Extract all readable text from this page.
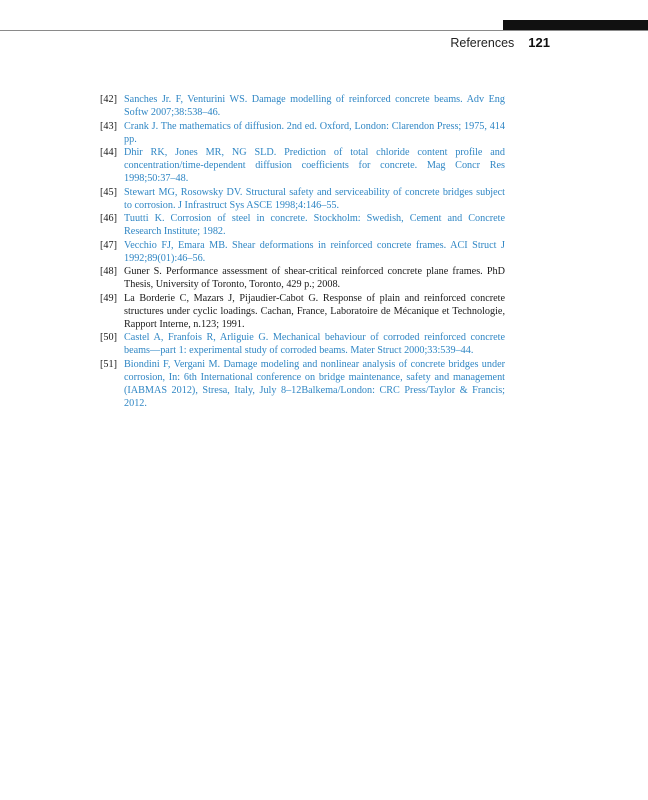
References 121
[42] Sanches Jr. F, Venturini WS. Damage modelling of reinforced concrete beams. Adv Eng Softw 2007;38:538–46.
[43] Crank J. The mathematics of diffusion. 2nd ed. Oxford, London: Clarendon Press; 1975, 414 pp.
[44] Dhir RK, Jones MR, NG SLD. Prediction of total chloride content profile and concentration/time-dependent diffusion coefficients for concrete. Mag Concr Res 1998;50:37–48.
[45] Stewart MG, Rosowsky DV. Structural safety and serviceability of concrete bridges subject to corrosion. J Infrastruct Sys ASCE 1998;4:146–55.
[46] Tuutti K. Corrosion of steel in concrete. Stockholm: Swedish, Cement and Concrete Research Institute; 1982.
[47] Vecchio FJ, Emara MB. Shear deformations in reinforced concrete frames. ACI Struct J 1992;89(01):46–56.
[48] Guner S. Performance assessment of shear-critical reinforced concrete plane frames. PhD Thesis, University of Toronto, Toronto, 429 p.; 2008.
[49] La Borderie C, Mazars J, Pijaudier-Cabot G. Response of plain and reinforced concrete structures under cyclic loadings. Cachan, France, Laboratoire de Mécanique et Technologie, Rapport Interne, n.123; 1991.
[50] Castel A, Franfois R, Arliguie G. Mechanical behaviour of corroded reinforced concrete beams—part 1: experimental study of corroded beams. Mater Struct 2000;33:539–44.
[51] Biondini F, Vergani M. Damage modeling and nonlinear analysis of concrete bridges under corrosion, In: 6th International conference on bridge maintenance, safety and management (IABMAS 2012), Stresa, Italy, July 8–12Balkema/London: CRC Press/Taylor & Francis; 2012.
